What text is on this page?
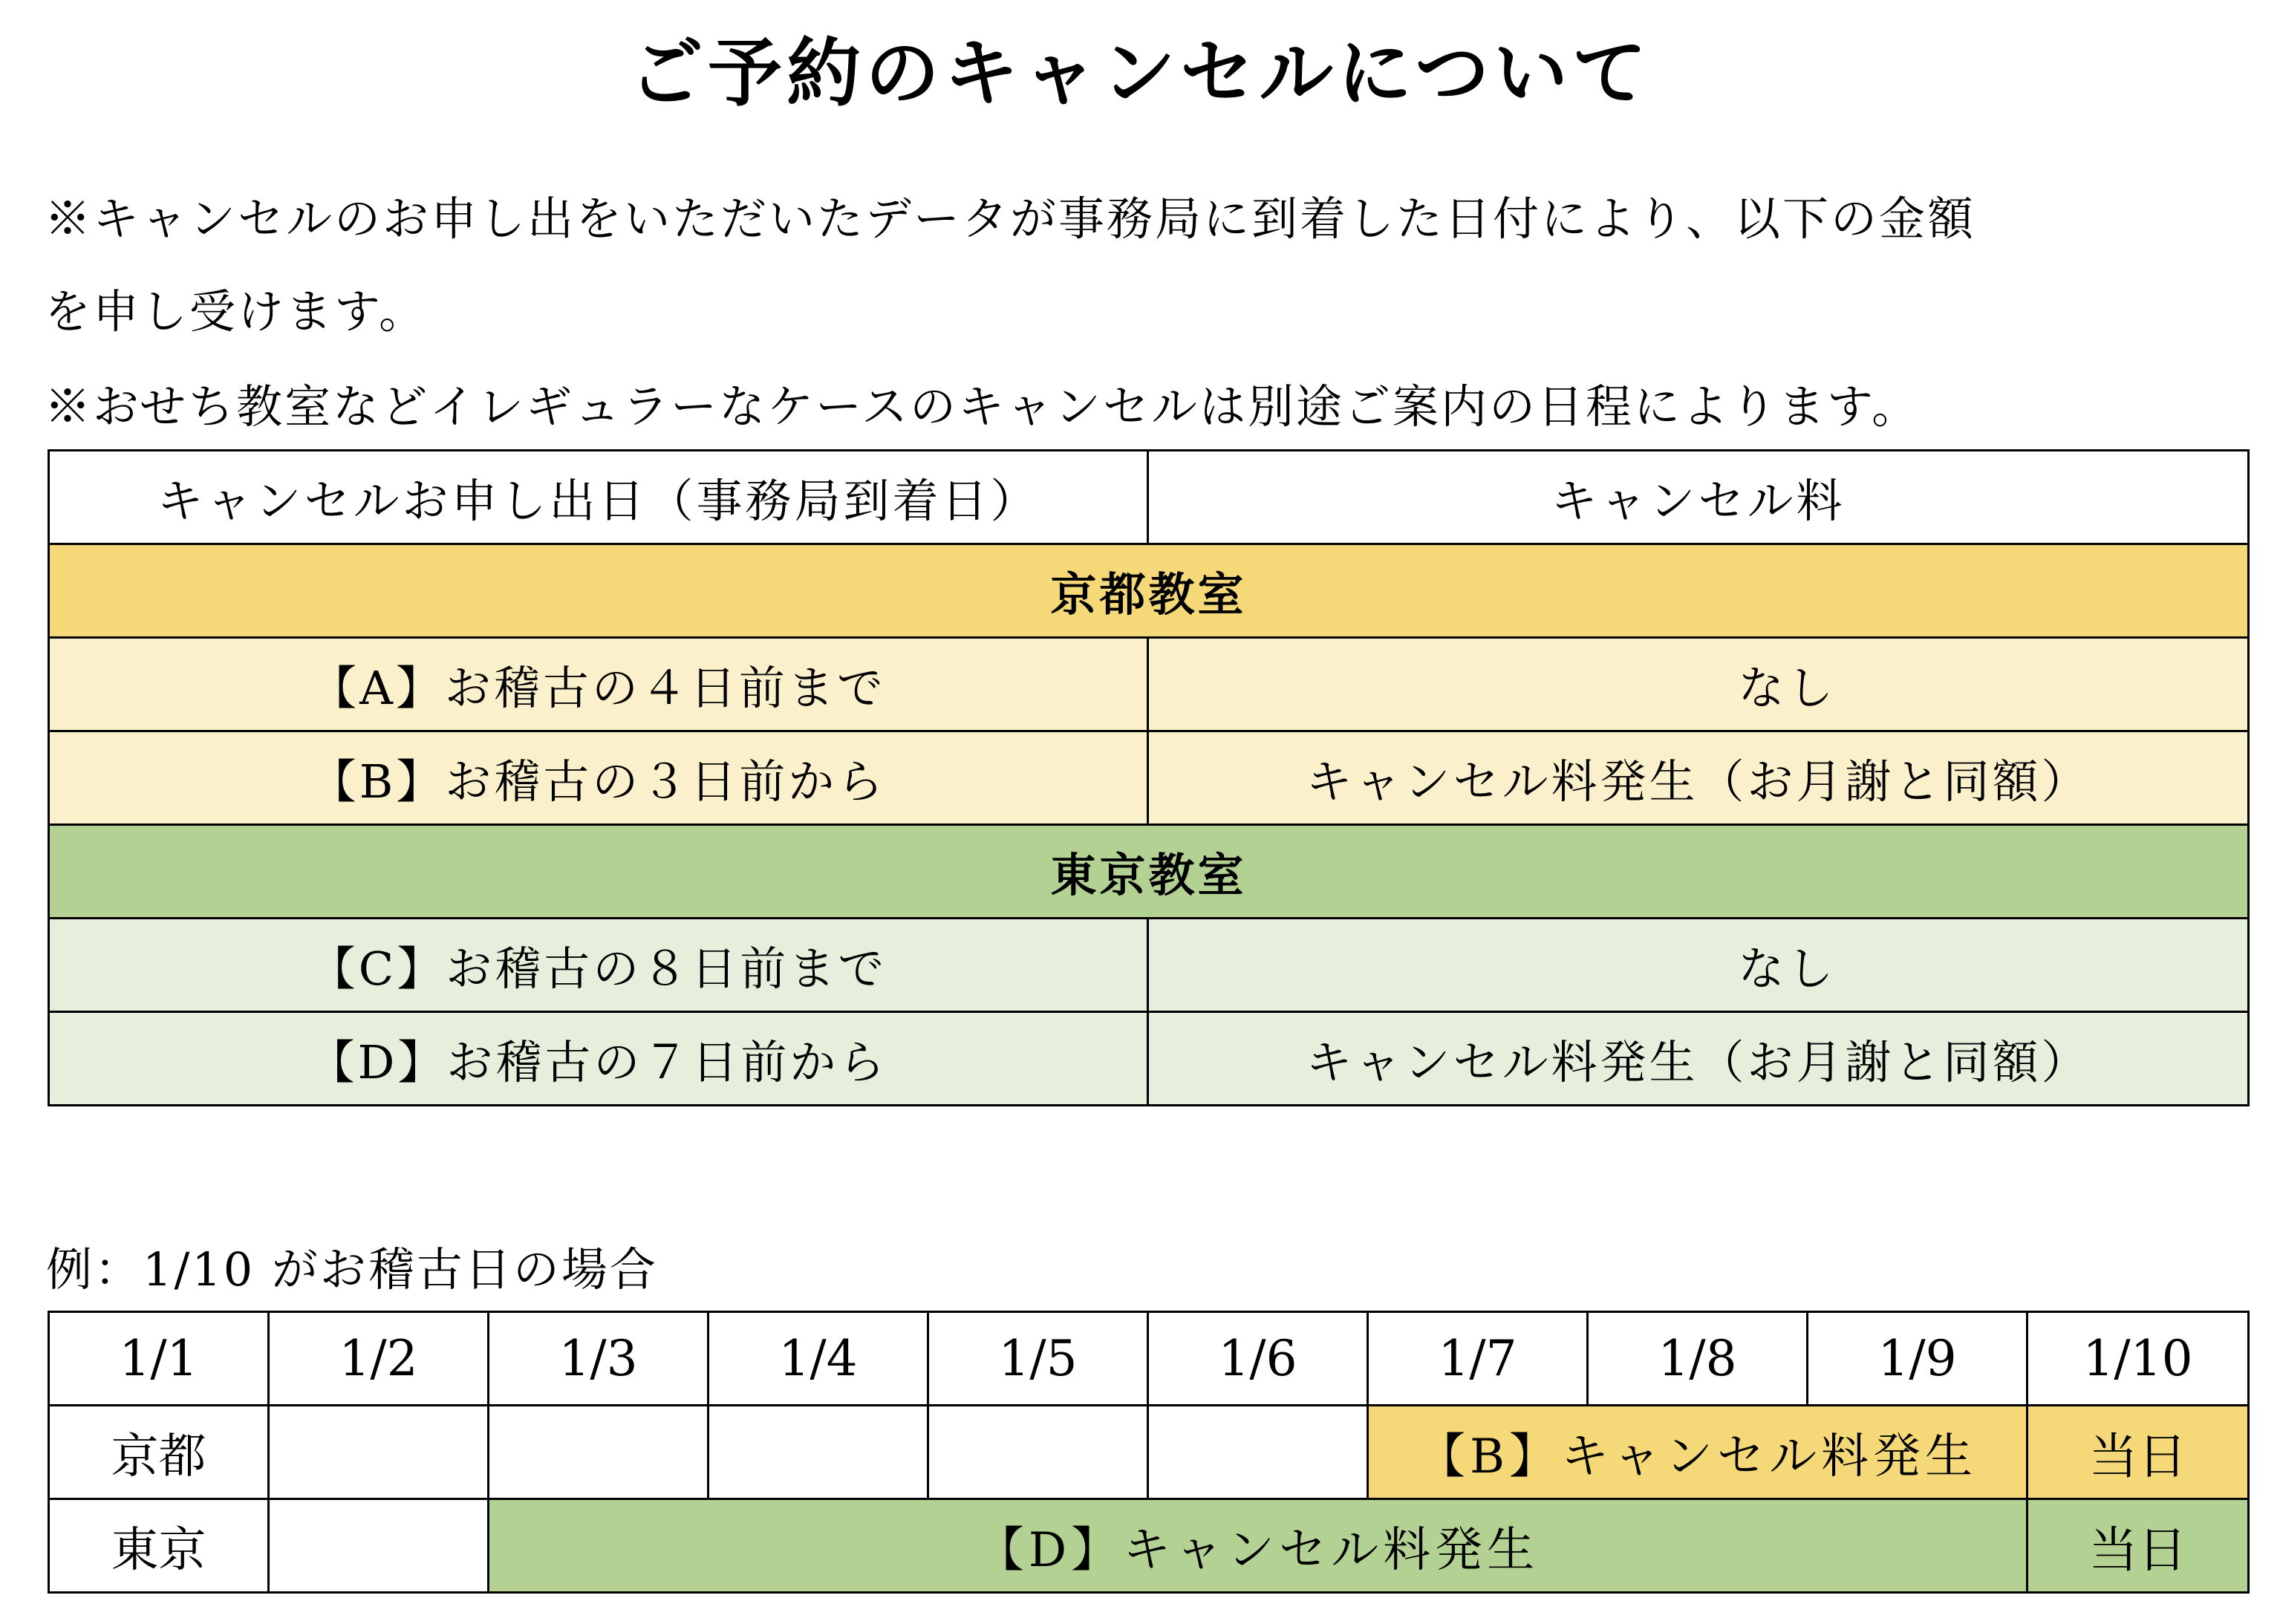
ご予約のキャンセルについて
※キャンセルのお申し出をいただいたデータが事務局に到着した日付により、以下の金額
を申し受けます。
※おせち教室などイレギュラーなケースのキャンセルは別途ご案内の日程によります。
キャンセルお申し出日（事務局到着日）	キャンセル料
京都教室	
【A】お稽古の４日前まで	なし
【B】お稽古の３日前から	キャンセル料発生（お月謝と同額）
東京教室	
【C】お稽古の８日前まで	なし
【D】お稽古の７日前から	キャンセル料発生（お月謝と同額）
例：1/10 がお稽古日の場合
1/1	1/2	1/3	1/4	1/5	1/6	1/7	1/8	1/9	1/10
京都						【B】キャンセル料発生			当日
東京		【D】キャンセル料発生							当日
